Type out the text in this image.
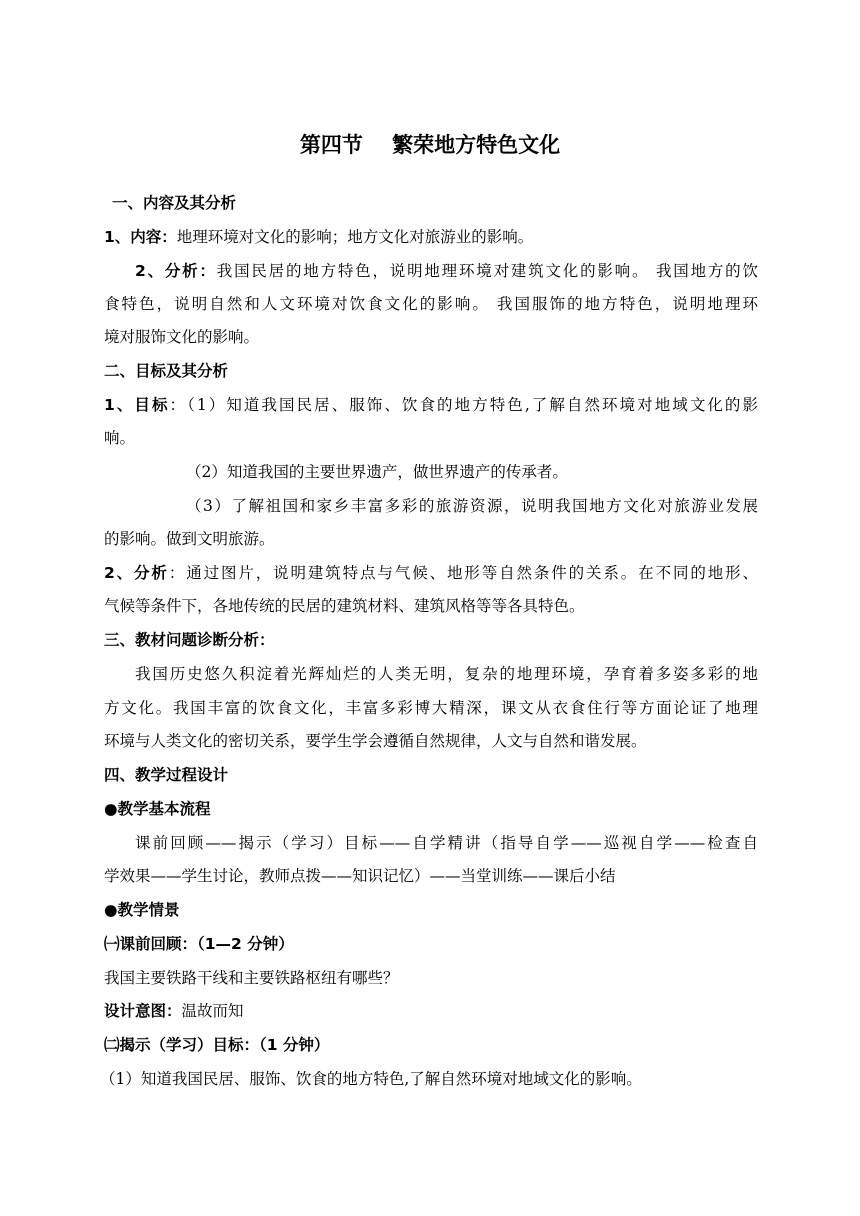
第四节    繁荣地方特色文化
一、内容及其分析
1、内容：地理环境对文化的影响；地方文化对旅游业的影响。
2、分析：我国民居的地方特色，说明地理环境对建筑文化的影响。 我国地方的饮
食特色，说明自然和人文环境对饮食文化的影响。 我国服饰的地方特色，说明地理环
境对服饰文化的影响。
二、目标及其分析
1、目标：（1）知道我国民居、服饰、饮食的地方特色,了解自然环境对地域文化的影
响。
（2）知道我国的主要世界遗产，做世界遗产的传承者。
（3）了解祖国和家乡丰富多彩的旅游资源，说明我国地方文化对旅游业发展
的影响。做到文明旅游。
2、分析：通过图片，说明建筑特点与气候、地形等自然条件的关系。在不同的地形、
气候等条件下，各地传统的民居的建筑材料、建筑风格等等各具特色。
三、教材问题诊断分析：
我国历史悠久积淀着光辉灿烂的人类无明，复杂的地理环境，孕育着多姿多彩的地
方文化。我国丰富的饮食文化，丰富多彩博大精深，课文从衣食住行等方面论证了地理
环境与人类文化的密切关系，要学生学会遵循自然规律，人文与自然和谐发展。
四、教学过程设计
●教学基本流程
课前回顾——揭示（学习）目标——自学精讲（指导自学——巡视自学——检查自
学效果——学生讨论，教师点拨——知识记忆）——当堂训练——课后小结
●教学情景
㈠课前回顾：（1—2 分钟）
我国主要铁路干线和主要铁路枢纽有哪些？
设计意图：温故而知
㈡揭示（学习）目标：（1 分钟）
（1）知道我国民居、服饰、饮食的地方特色,了解自然环境对地域文化的影响。
